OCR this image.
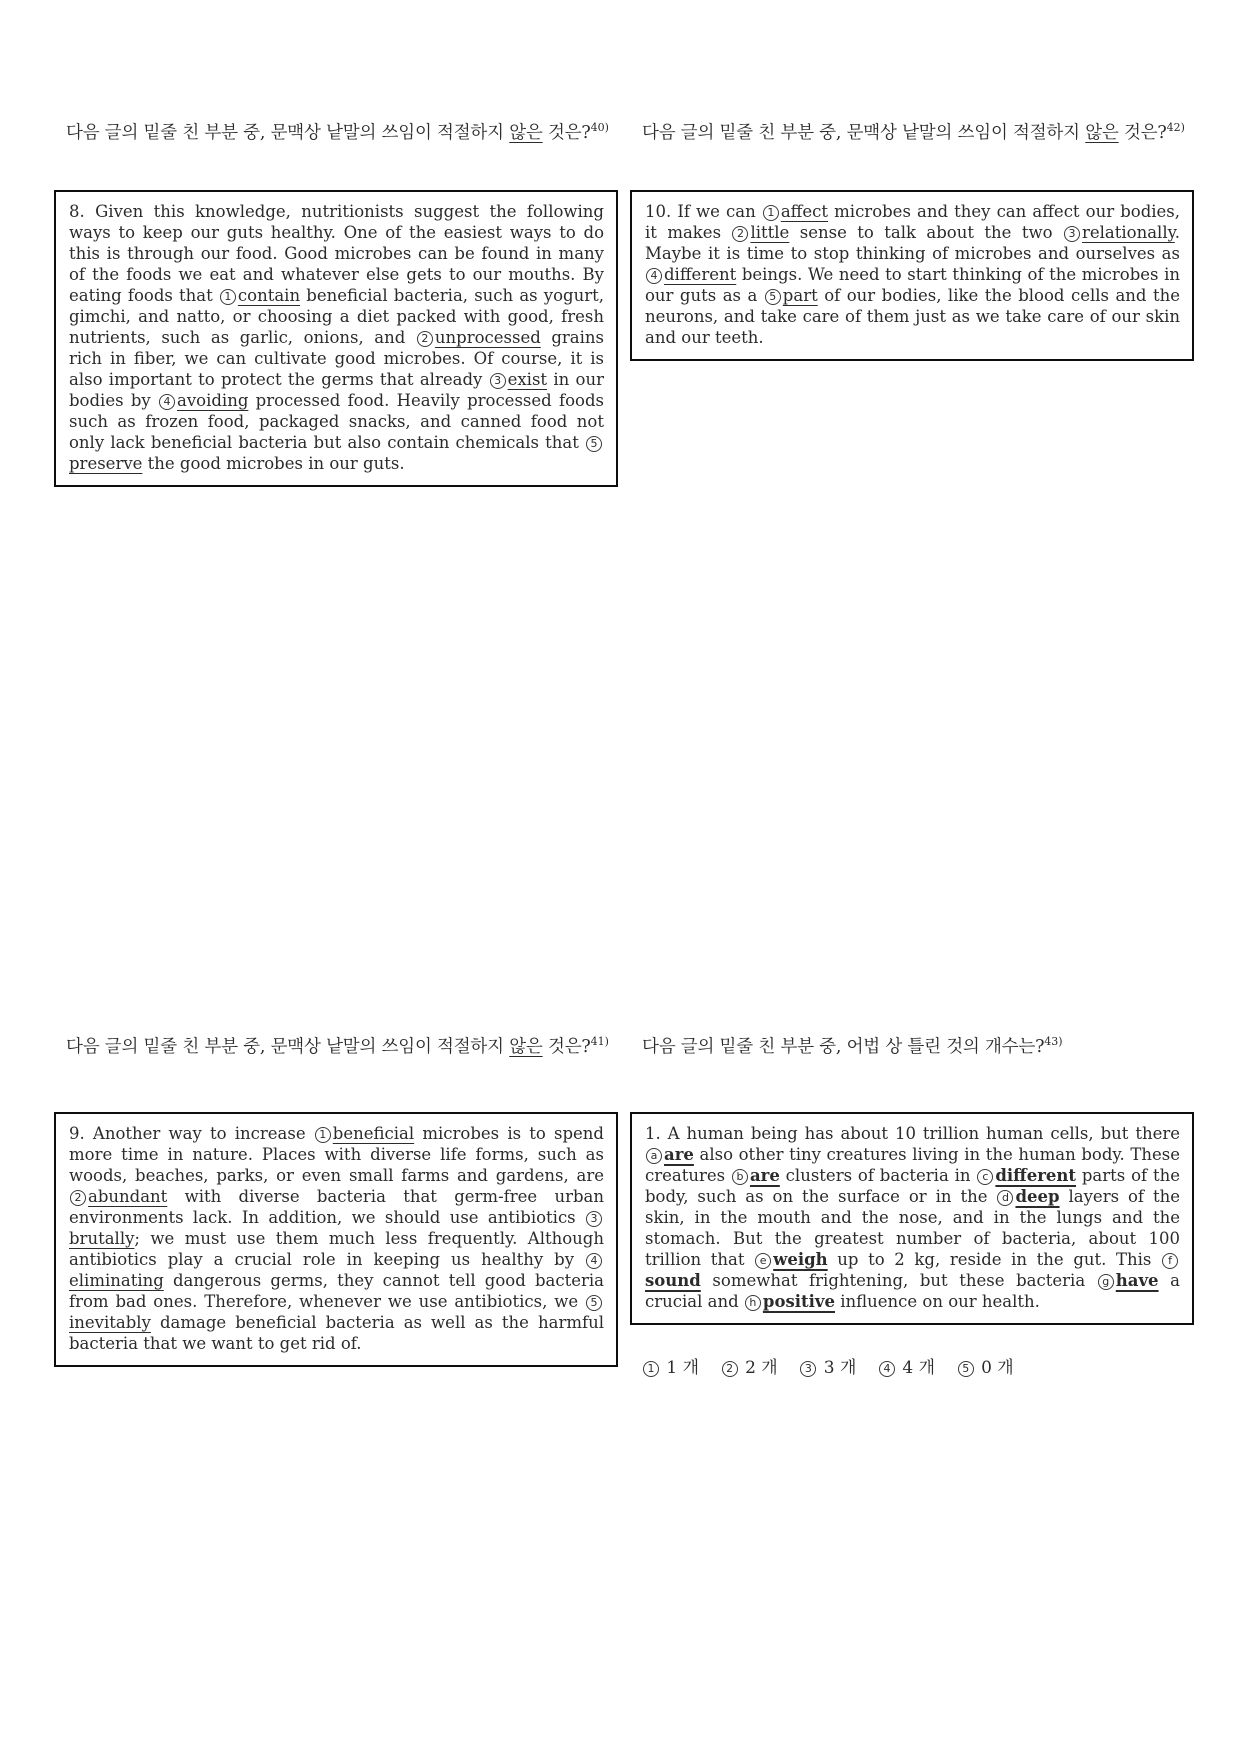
다음 글의 밑줄 친 부분 중, 문맥상 낱말의 쓰임이 적절하지 않은 것은?$^{40)}$
8. Given this knowledge, nutritionists suggest the following ways to keep our guts healthy. One of the easiest ways to do this is through our food. Good microbes can be found in many of the foods we eat and whatever else gets to our mouths. By eating foods that 1 contain beneficial bacteria, such as yogurt, gimchi, and natto, or choosing a diet packed with good, fresh nutrients, such as garlic, onions, and 2 unprocessed grains rich in fiber, we can cultivate good microbes. Of course, it is also important to protect the germs that already 3 exist in our bodies by 4 avoiding processed food. Heavily processed foods such as frozen food, packaged snacks, and canned food not only lack beneficial bacteria but also contain chemicals that 5preserve the good microbes in our guts.
다음 글의 밑줄 친 부분 중, 문맥상 낱말의 쓰임이 적절하지 않은 것은?$^{42)}$
10. If we can 1 affect microbes and they can affect our bodies, it makes 2 little sense to talk about the two 3 relationally. Maybe it is time to stop thinking of microbes and ourselves as 4 different beings. We need to start thinking of the microbes in our guts as a 5 part of our bodies, like the blood cells and the neurons, and take care of them just as we take care of our skin and our teeth.
다음 글의 밑줄 친 부분 중, 문맥상 낱말의 쓰임이 적절하지 않은 것은?$^{41)}$
9. Another way to increase 1 beneficial microbes is to spend more time in nature. Places with diverse life forms, such as woods, beaches, parks, or even small farms and gardens, are 2 abundant with diverse bacteria that germ-free urban environments lack. In addition, we should use antibiotics 3brutally; we must use them much less frequently. Although antibiotics play a crucial role in keeping us healthy by 4eliminating dangerous germs, they cannot tell good bacteria from bad ones. Therefore, whenever we use antibiotics, we 5inevitably damage beneficial bacteria as well as the harmful bacteria that we want to get rid of.
다음 글의 밑줄 친 부분 중, 어법 상 틀린 것의 개수는?$^{43)}$
1. A human being has about 10 trillion human cells, but there a are also other tiny creatures living in the human body. These creatures b are clusters of bacteria in c different parts of the body, such as on the surface or in the d deep layers of the skin, in the mouth and the nose, and in the lungs and the stomach. But the greatest number of bacteria, about 100 trillion that e weigh up to 2 kg, reside in the gut. This fsound somewhat frightening, but these bacteria g have a crucial and h positive influence on our health.
1 1 개    2 2 개    3 3 개    4 4 개    5 0 개
